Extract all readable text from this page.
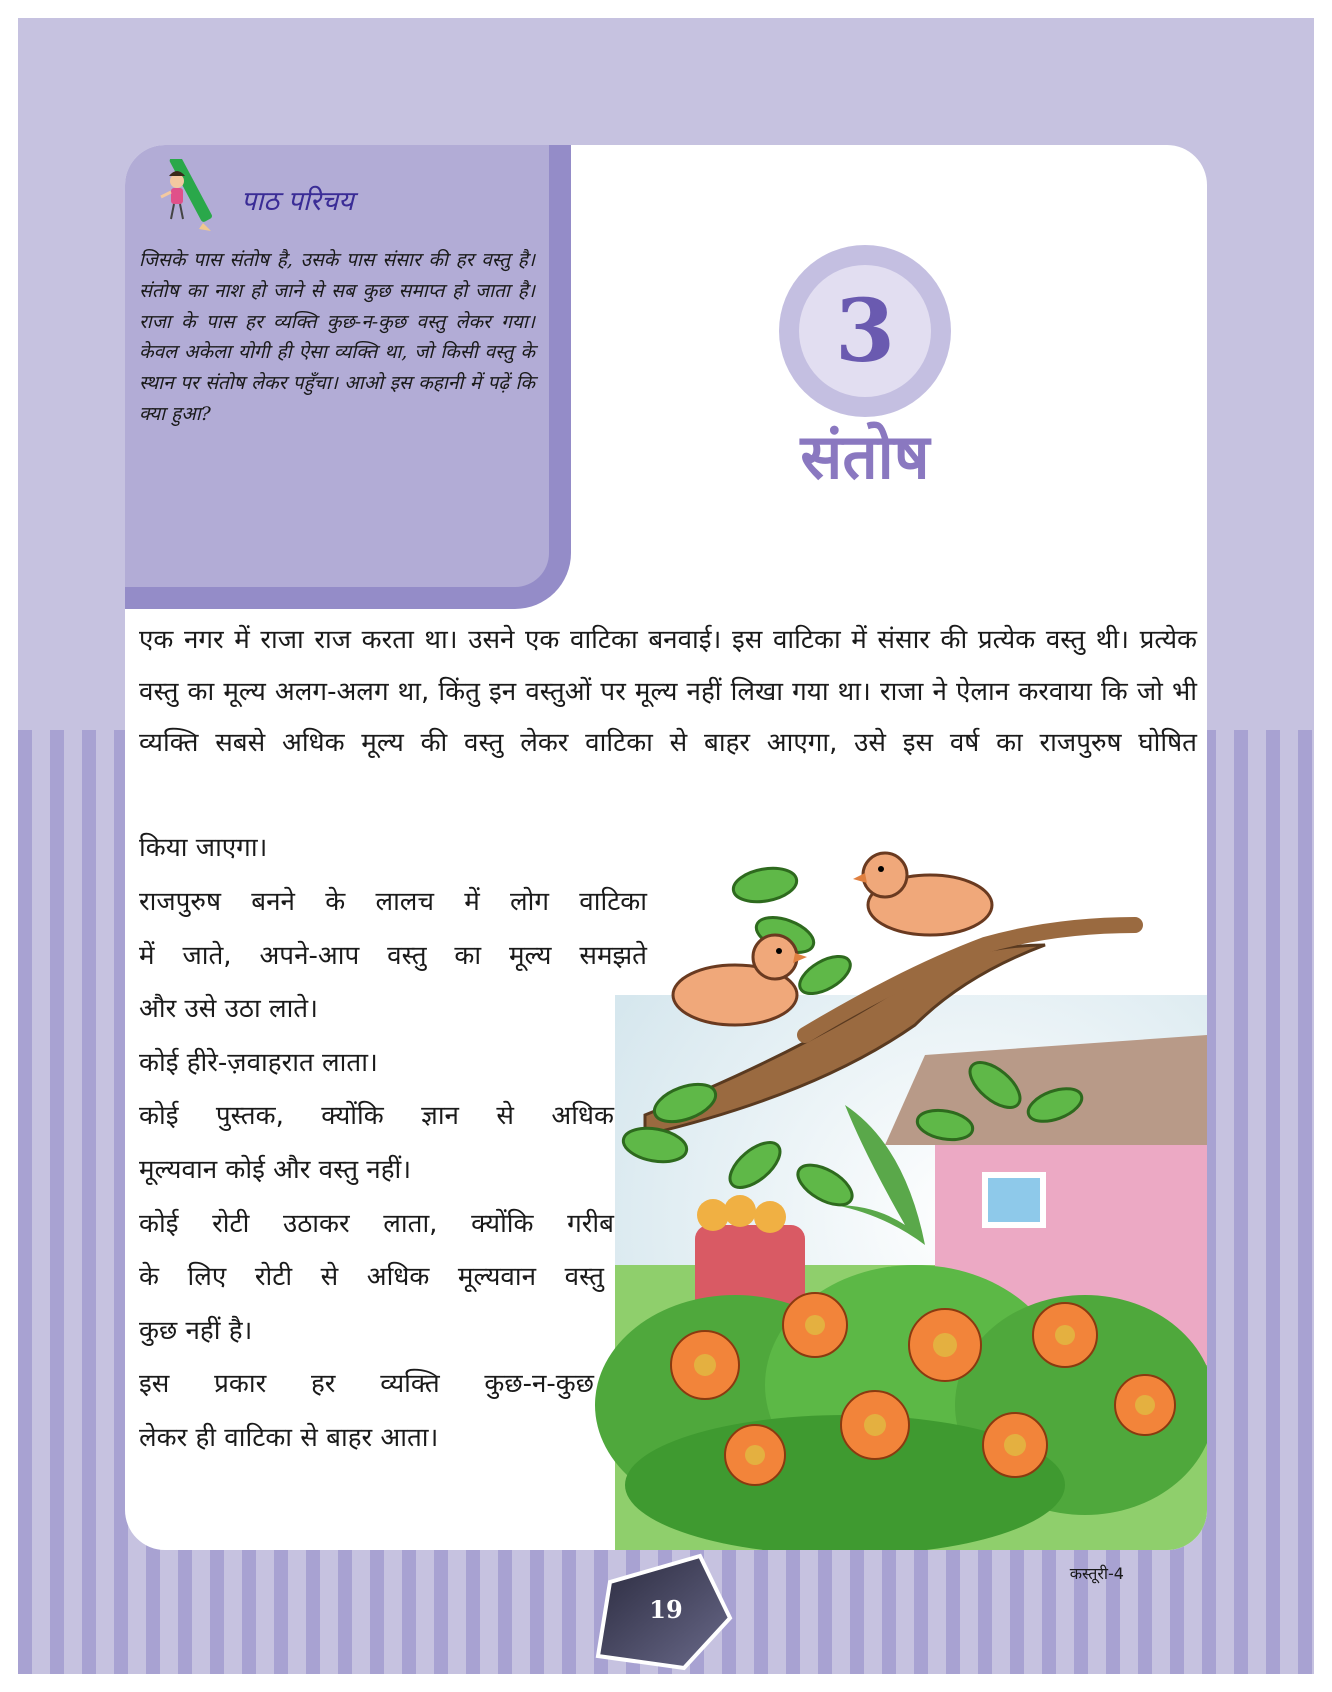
पाठ परिचय

जिसके पास संतोष है, उसके पास संसार की हर वस्तु है। संतोष का नाश हो जाने से सब कुछ समाप्त हो जाता है। राजा के पास हर व्यक्ति कुछ-न-कुछ वस्तु लेकर गया। केवल अकेला योगी ही ऐसा व्यक्ति था, जो किसी वस्तु के स्थान पर संतोष लेकर पहुँचा। आओ इस कहानी में पढ़ें कि क्या हुआ?

3
संतोष

एक नगर में राजा राज करता था। उसने एक वाटिका बनवाई। इस वाटिका में संसार की प्रत्येक वस्तु थी। प्रत्येक वस्तु का मूल्य अलग-अलग था, किंतु इन वस्तुओं पर मूल्य नहीं लिखा गया था। राजा ने ऐलान करवाया कि जो भी व्यक्ति सबसे अधिक मूल्य की वस्तु लेकर वाटिका से बाहर आएगा, उसे इस वर्ष का राजपुरुष घोषित

किया जाएगा।

राजपुरुष बनने के लालच में लोग वाटिका
में जाते, अपने-आप वस्तु का मूल्य समझते
और उसे उठा लाते।
कोई हीरे-ज़वाहरात लाता।
कोई पुस्तक, क्योंकि ज्ञान से अधिक
मूल्यवान कोई और वस्तु नहीं।
कोई रोटी उठाकर लाता, क्योंकि गरीब
के लिए रोटी से अधिक मूल्यवान वस्तु
कुछ नहीं है।
इस प्रकार हर व्यक्ति कुछ-न-कुछ
लेकर ही वाटिका से बाहर आता।
19
कस्तूरी-4
